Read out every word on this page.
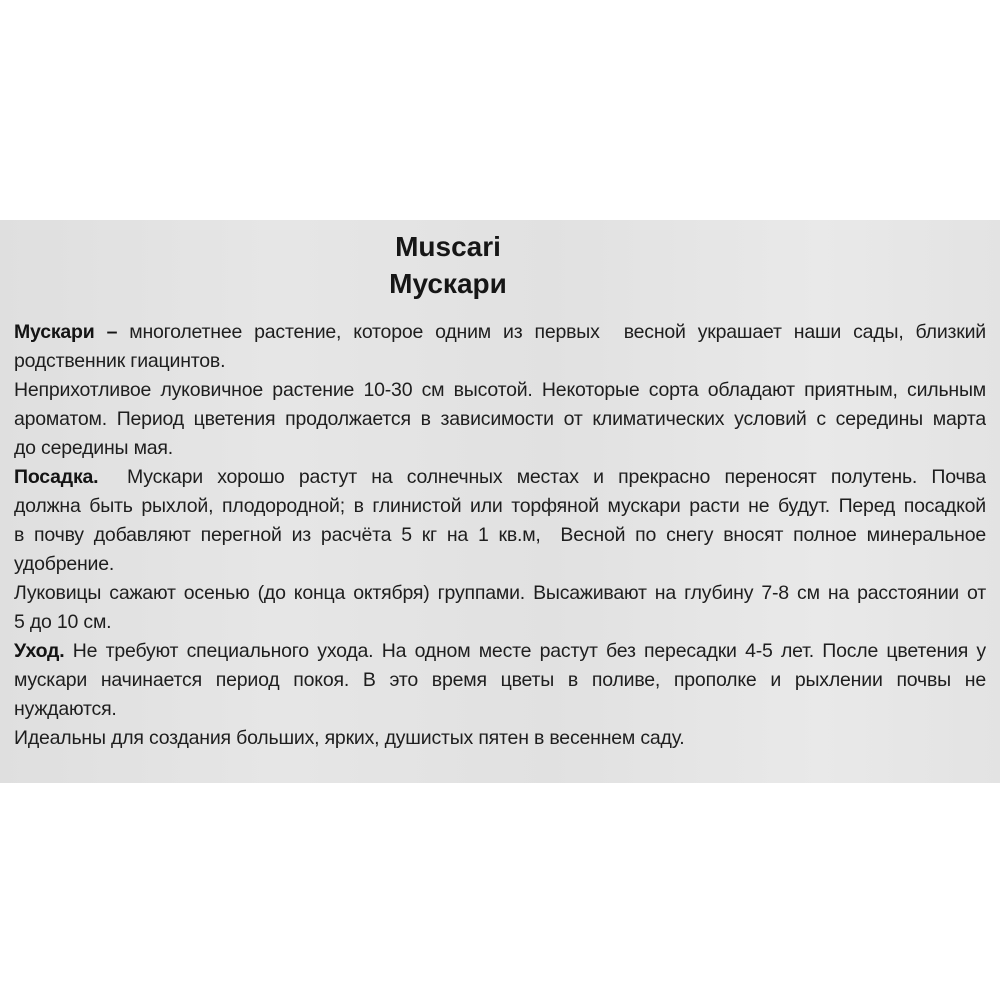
Muscari
Мускари
Мускари – многолетнее растение, которое одним из первых  весной украшает наши сады, близкий
родственник гиацинтов.
Неприхотливое луковичное растение 10-30 см высотой. Некоторые сорта обладают приятным, сильным
ароматом. Период цветения продолжается в зависимости от климатических условий с середины марта
до середины мая.
Посадка.  Мускари хорошо растут на солнечных местах и прекрасно переносят полутень. Почва
должна быть рыхлой, плодородной; в глинистой или торфяной мускари расти не будут. Перед посадкой
в почву добавляют перегной из расчёта 5 кг на 1 кв.м,  Весной по снегу вносят полное минеральное
удобрение.
Луковицы сажают осенью (до конца октября) группами. Высаживают на глубину 7-8 см на расстоянии от
5 до 10 см.
Уход. Не требуют специального ухода. На одном месте растут без пересадки 4-5 лет. После цветения у
мускари начинается период покоя. В это время цветы в поливе, прополке и рыхлении почвы не
нуждаются.
Идеальны для создания больших, ярких, душистых пятен в весеннем саду.
